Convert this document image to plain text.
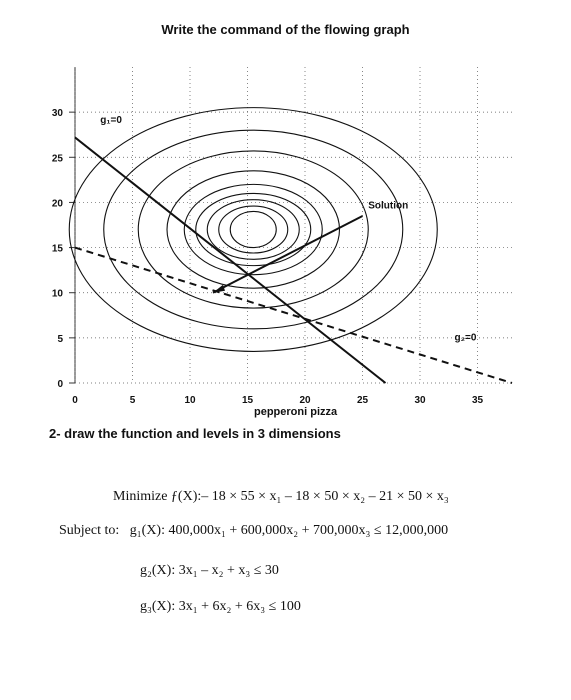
Write the command of the flowing graph
0	5	10	15	20	25	30	35
0
5
10
15
20
25
30
g₁=0
g₂=0
Solution
pepperoni pizza
2- draw the function and levels in 3 dimensions
Minimize ƒ(X):– 18 × 55 × x₁ – 18 × 50 × x₂ – 21 × 50 × x₃
Subject to: g₁(X): 400,000x₁ + 600,000x₂ + 700,000x₃ ≤ 12,000,000
g₂(X): 3x₁ – x₂ + x₃ ≤ 30
g₃(X): 3x₁ + 6x₂ + 6x₃ ≤ 100
